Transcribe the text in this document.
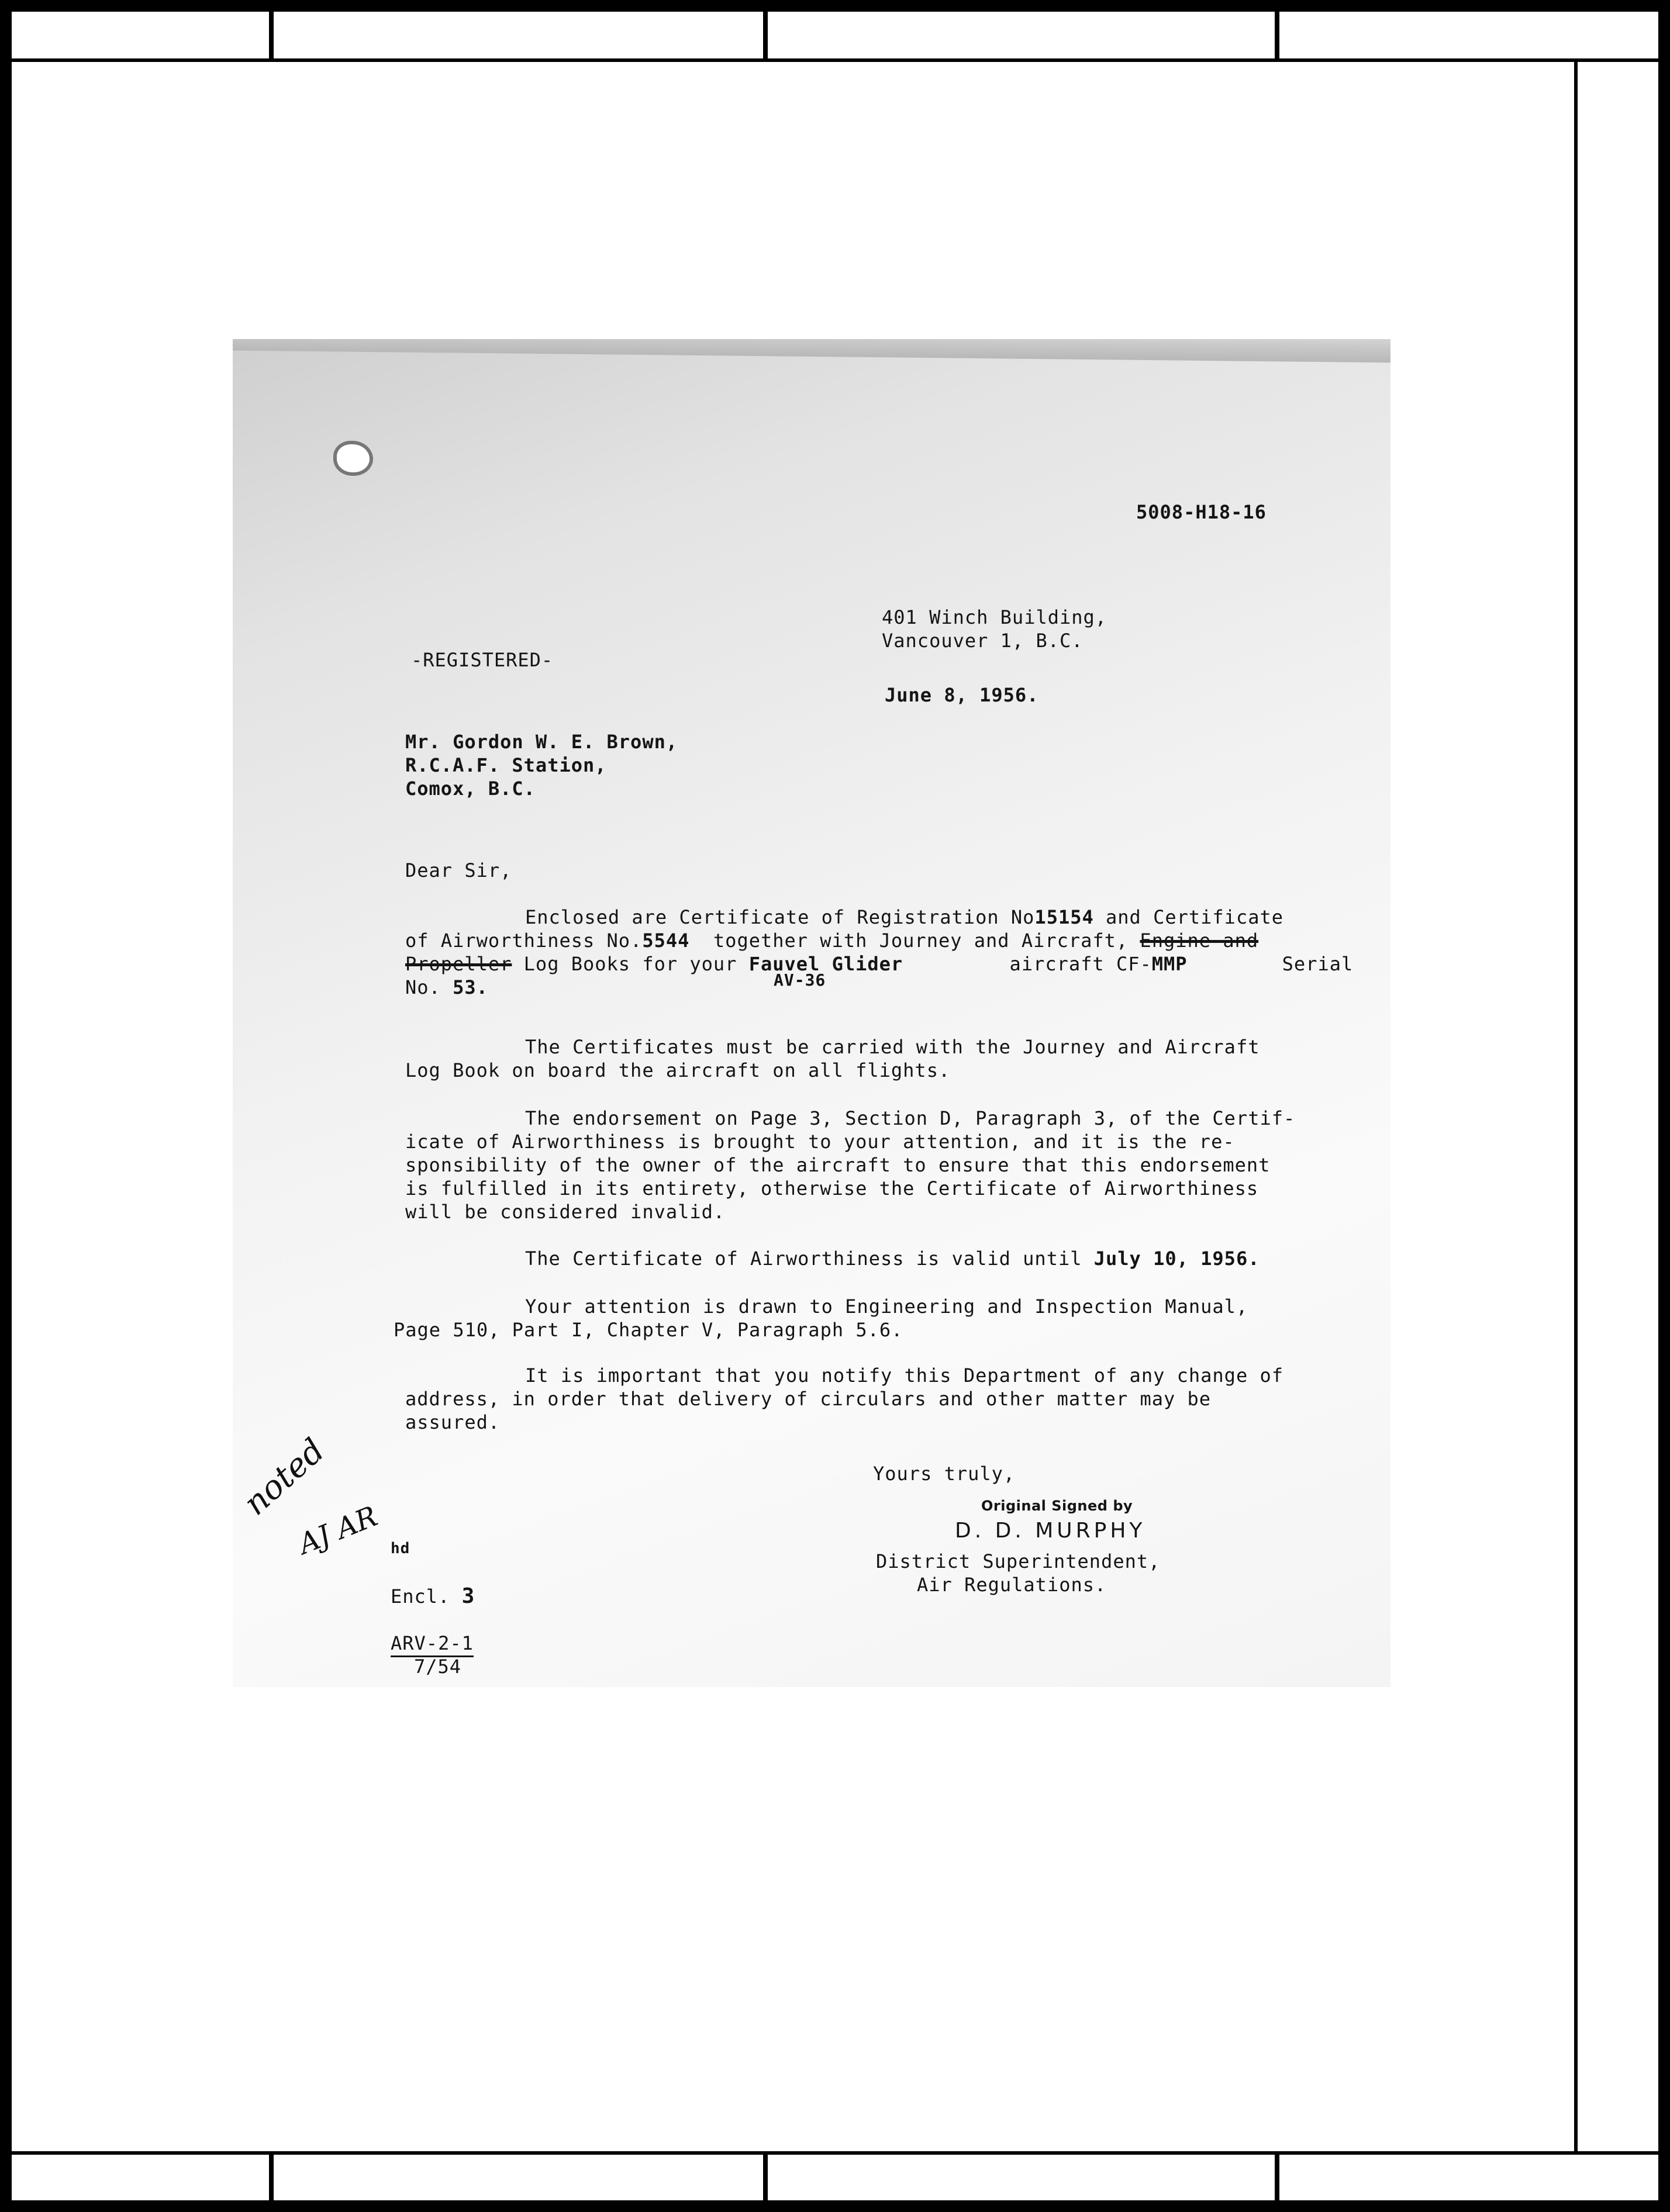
5008-H18-16
401 Winch Building,
Vancouver 1, B.C.
-REGISTERED-
June 8, 1956.
Mr. Gordon W. E. Brown,
R.C.A.F. Station,
Comox, B.C.
Dear Sir,
Enclosed are Certificate of Registration No15154 and Certificate
of Airworthiness No.5544  together with Journey and Aircraft, Engine and
Propeller Log Books for your Fauvel Glider         aircraft CF-MMP        Serial
AV-36
No. 53.
The Certificates must be carried with the Journey and Aircraft
Log Book on board the aircraft on all flights.
The endorsement on Page 3, Section D, Paragraph 3, of the Certif-
icate of Airworthiness is brought to your attention, and it is the re-
sponsibility of the owner of the aircraft to ensure that this endorsement
is fulfilled in its entirety, otherwise the Certificate of Airworthiness
will be considered invalid.
The Certificate of Airworthiness is valid until July 10, 1956.
Your attention is drawn to Engineering and Inspection Manual,
Page 510, Part I, Chapter V, Paragraph 5.6.
It is important that you notify this Department of any change of
address, in order that delivery of circulars and other matter may be
assured.
Yours truly,
Original Signed by
D. D. MURPHY
District Superintendent,
Air Regulations.
noted
AJ AR hd
Encl. 3
ARV-2-1
7/54
